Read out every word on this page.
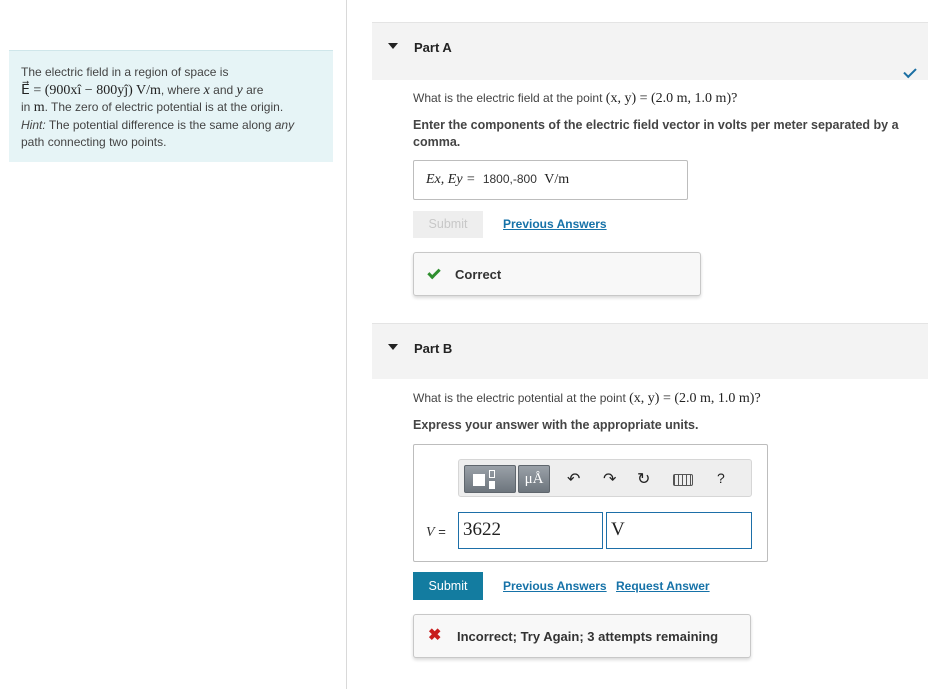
The electric field in a region of space is
E⃗ = (900xî − 800yĵ) V/m, where x and y are
in m. The zero of electric potential is at the origin.
Hint: The potential difference is the same along any
path connecting two points.
Part A
What is the electric field at the point (x, y) = (2.0 m, 1.0 m)?
Enter the components of the electric field vector in volts per meter separated by a comma.
Ex, Ey = 1800,-800 V/m
Submit	Previous Answers
Correct
Part B
What is the electric potential at the point (x, y) = (2.0 m, 1.0 m)?
Express your answer with the appropriate units.
μÅ	↶ ↷ ↻	?
V = 3622	V
Submit	Previous Answers Request Answer
✖ Incorrect; Try Again; 3 attempts remaining
